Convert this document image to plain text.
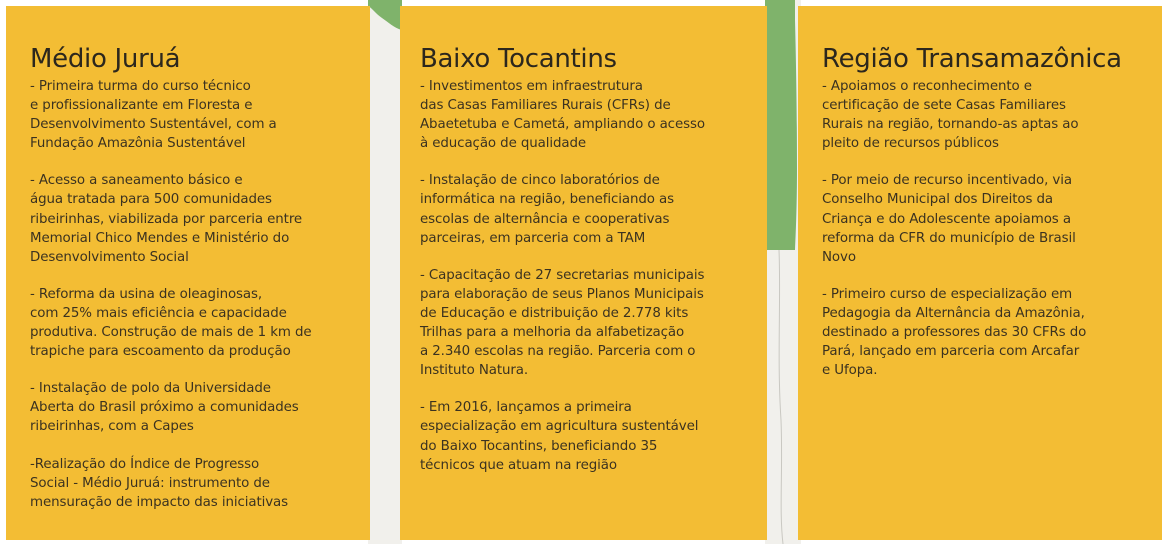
Médio Juruá

- Primeira turma do curso técnico
e profissionalizante em Floresta e
Desenvolvimento Sustentável, com a
Fundação Amazônia Sustentável

- Acesso a saneamento básico e
água tratada para 500 comunidades
ribeirinhas, viabilizada por parceria entre
Memorial Chico Mendes e Ministério do
Desenvolvimento Social

- Reforma da usina de oleaginosas,
com 25% mais eficiência e capacidade
produtiva. Construção de mais de 1 km de
trapiche para escoamento da produção

- Instalação de polo da Universidade
Aberta do Brasil próximo a comunidades
ribeirinhas, com a Capes

-Realização do Índice de Progresso
Social - Médio Juruá: instrumento de
mensuração de impacto das iniciativas

Baixo Tocantins

- Investimentos em infraestrutura
das Casas Familiares Rurais (CFRs) de
Abaetetuba e Cametá, ampliando o acesso
à educação de qualidade

- Instalação de cinco laboratórios de
informática na região, beneficiando as
escolas de alternância e cooperativas
parceiras, em parceria com a TAM

- Capacitação de 27 secretarias municipais
para elaboração de seus Planos Municipais
de Educação e distribuição de 2.778 kits
Trilhas para a melhoria da alfabetização
a 2.340 escolas na região. Parceria com o
Instituto Natura.

- Em 2016, lançamos a primeira
especialização em agricultura sustentável
do Baixo Tocantins, beneficiando 35
técnicos que atuam na região

Região Transamazônica

- Apoiamos o reconhecimento e
certificação de sete Casas Familiares
Rurais na região, tornando-as aptas ao
pleito de recursos públicos

- Por meio de recurso incentivado, via
Conselho Municipal dos Direitos da
Criança e do Adolescente apoiamos a
reforma da CFR do município de Brasil
Novo

- Primeiro curso de especialização em
Pedagogia da Alternância da Amazônia,
destinado a professores das 30 CFRs do
Pará, lançado em parceria com Arcafar
e Ufopa.
